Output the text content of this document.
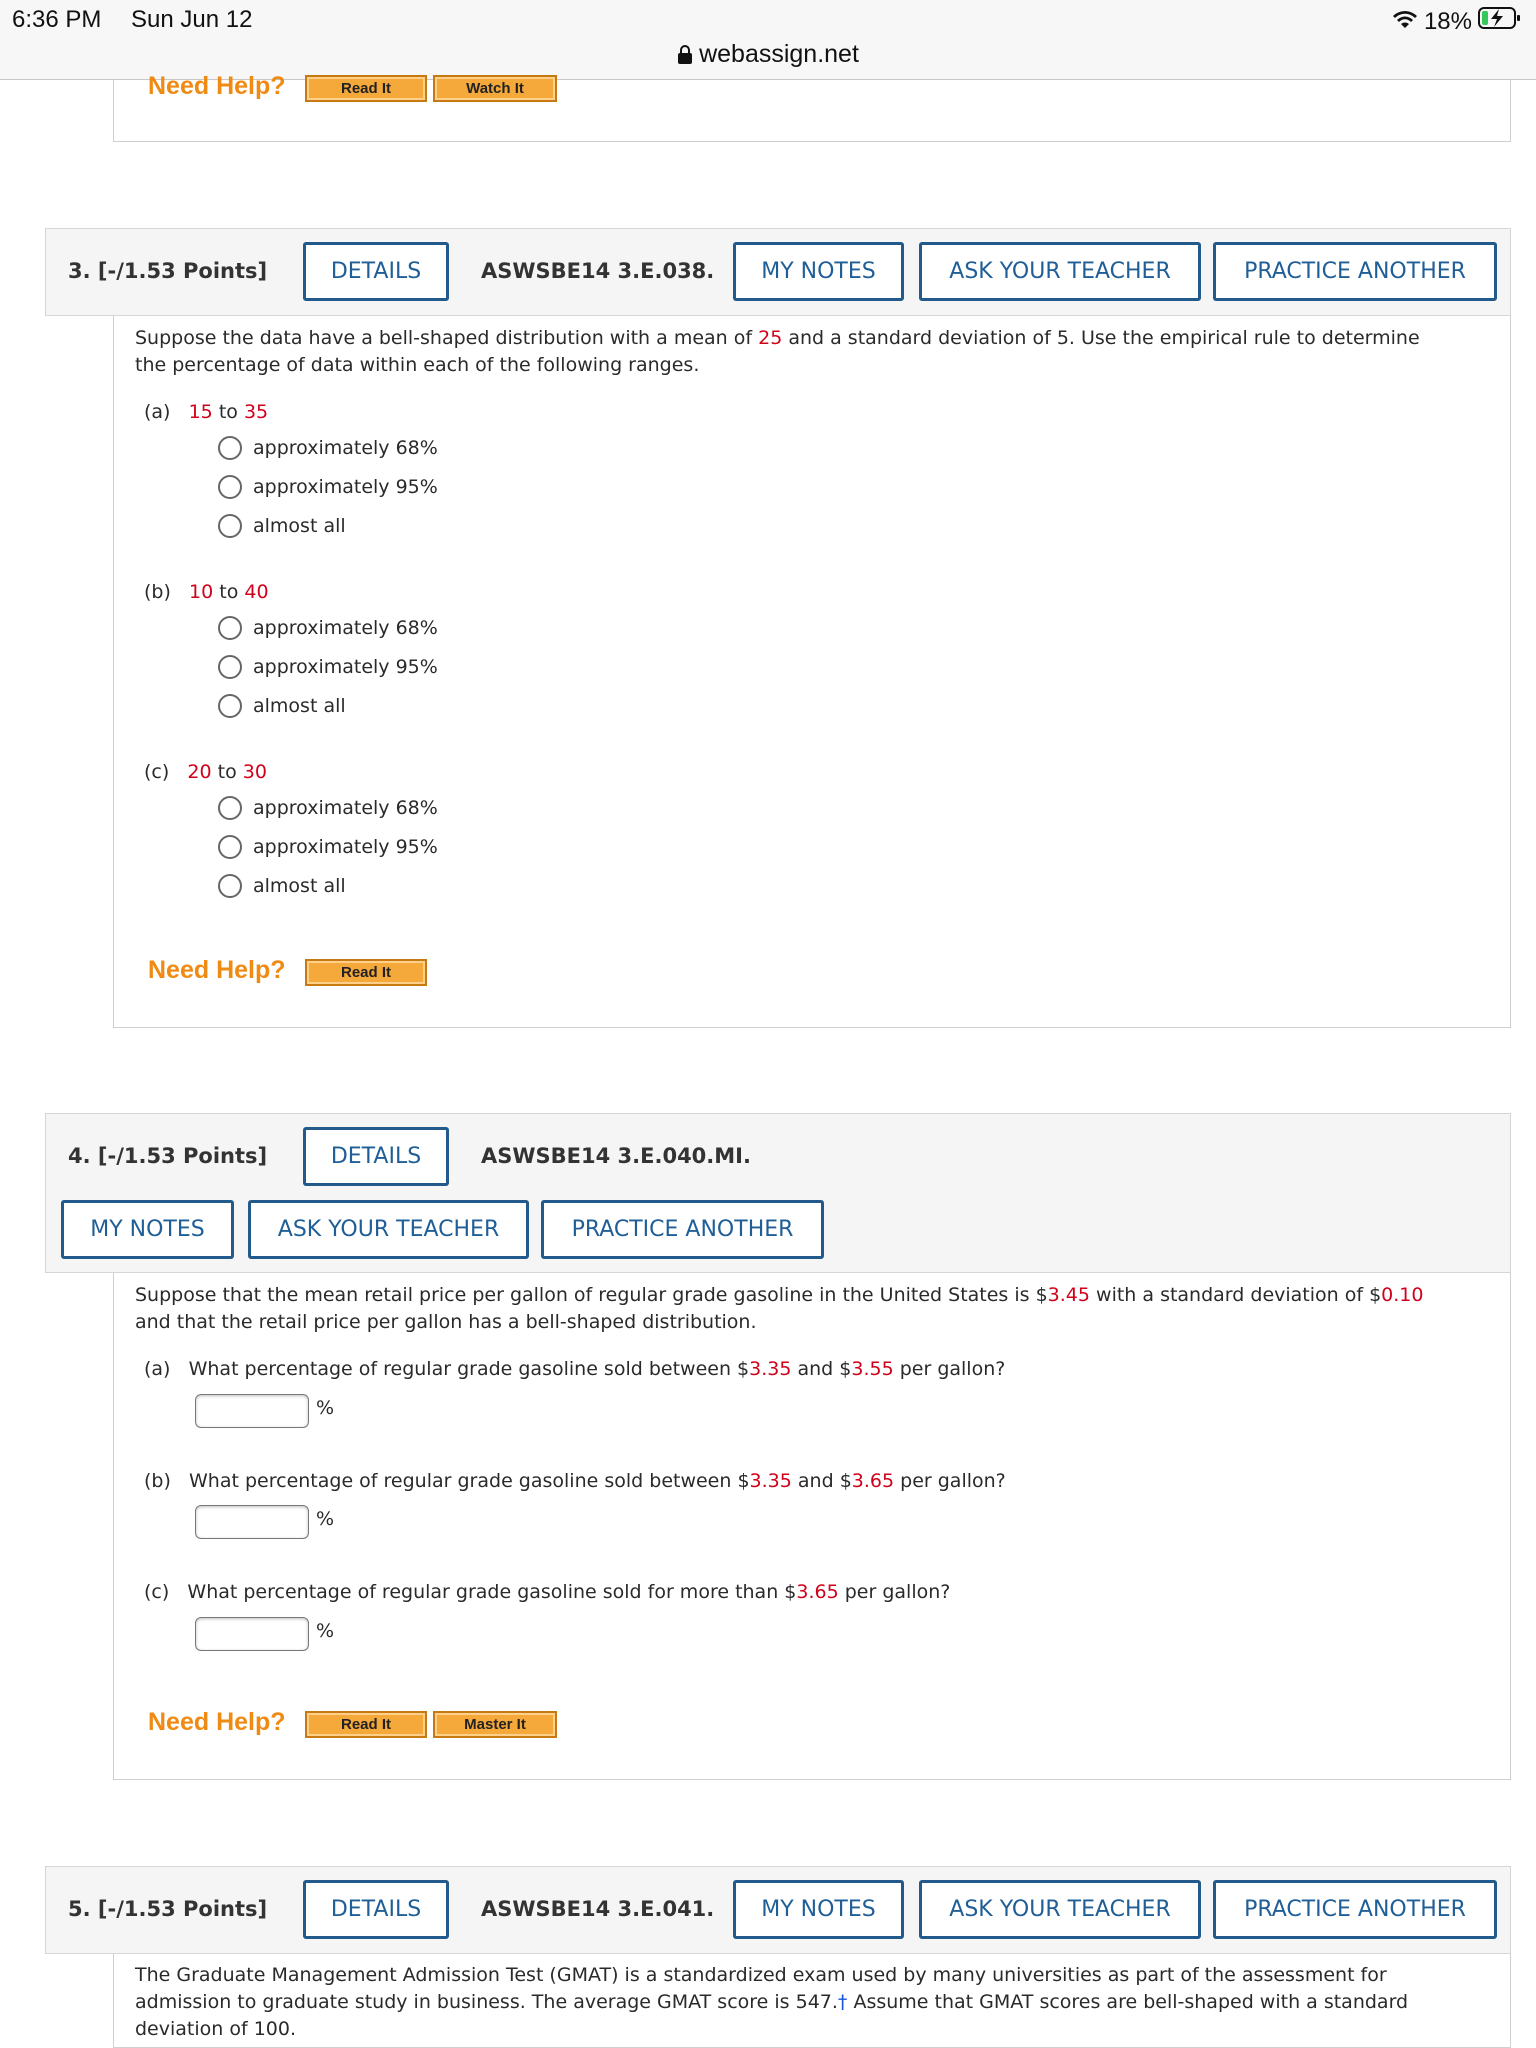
6:36 PM Sun Jun 12	18%
webassign.net
Need Help?	Read It	Watch It
3. [-/1.53 Points]	DETAILS	ASWSBE14 3.E.038.	MY NOTES	ASK YOUR TEACHER	PRACTICE ANOTHER
Suppose the data have a bell-shaped distribution with a mean of 25 and a standard deviation of 5. Use the empirical rule to determine
the percentage of data within each of the following ranges.
(a) 15 to 35
approximately 68%
approximately 95%
almost all
(b) 10 to 40
approximately 68%
approximately 95%
almost all
(c) 20 to 30
approximately 68%
approximately 95%
almost all
Need Help?	Read It
4. [-/1.53 Points]	DETAILS	ASWSBE14 3.E.040.MI.
MY NOTES	ASK YOUR TEACHER	PRACTICE ANOTHER
Suppose that the mean retail price per gallon of regular grade gasoline in the United States is $3.45 with a standard deviation of $0.10
and that the retail price per gallon has a bell-shaped distribution.
(a) What percentage of regular grade gasoline sold between $3.35 and $3.55 per gallon?
%
(b) What percentage of regular grade gasoline sold between $3.35 and $3.65 per gallon?
%
(c) What percentage of regular grade gasoline sold for more than $3.65 per gallon?
%
Need Help?	Read It	Master It
5. [-/1.53 Points]	DETAILS	ASWSBE14 3.E.041.	MY NOTES	ASK YOUR TEACHER	PRACTICE ANOTHER
The Graduate Management Admission Test (GMAT) is a standardized exam used by many universities as part of the assessment for
admission to graduate study in business. The average GMAT score is 547.† Assume that GMAT scores are bell-shaped with a standard
deviation of 100.
